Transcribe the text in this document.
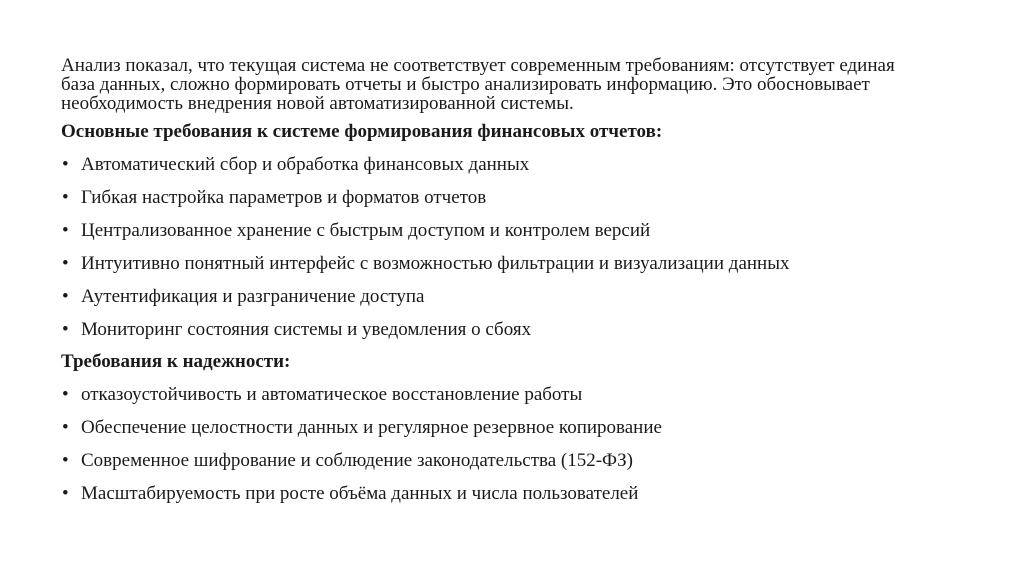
Анализ показал, что текущая система не соответствует современным требованиям: отсутствует единая
база данных, сложно формировать отчеты и быстро анализировать информацию. Это обосновывает
необходимость внедрения новой автоматизированной системы.

Основные требования к системе формирования финансовых отчетов:

• Автоматический сбор и обработка финансовых данных
• Гибкая настройка параметров и форматов отчетов
• Централизованное хранение с быстрым доступом и контролем версий
• Интуитивно понятный интерфейс с возможностью фильтрации и визуализации данных
• Аутентификация и разграничение доступа
• Мониторинг состояния системы и уведомления о сбоях

Требования к надежности:

• отказоустойчивость и автоматическое восстановление работы
• Обеспечение целостности данных и регулярное резервное копирование
• Современное шифрование и соблюдение законодательства (152-ФЗ)
• Масштабируемость при росте объёма данных и числа пользователей
